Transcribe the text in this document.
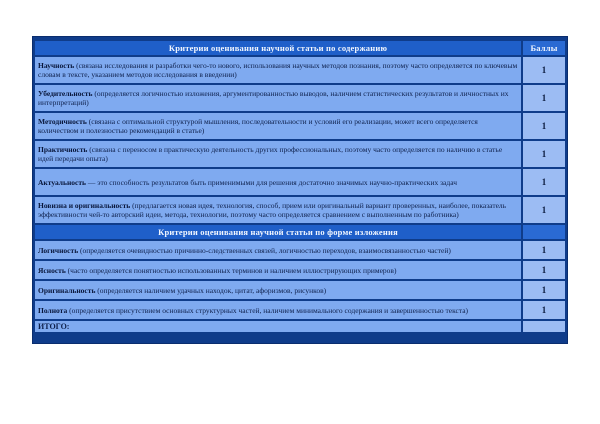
Критерии оценивания научной статьи по содержанию	Баллы
Научность (связана исследования и разработки чего-то нового, использования научных методов познания, поэтому часто определяется по ключевым словам в тексте, указанием методов исследования в введении)	1
Убедительность (определяется логичностью изложения, аргументированностью выводов, наличием статистических результатов и личностных их интерпретаций)	1
Методичность (связана с оптимальной структурой мышления, последовательности и условий его реализации, может всего определяется количеством и полезностью рекомендаций в статье)	1
Практичность (связана с переносом в практическую деятельность других профессиональных, поэтому часто определяется по наличию в статье идей передачи опыта)	1
Актуальность — это способность результатов быть применимыми для решения достаточно значимых научно-практических задач	1
Новизна и оригинальность (предлагается новая идея, технология, способ, прием или оригинальный вариант проверенных, наиболее, показатель эффективности чей-то авторский идеи, метода, технологии, поэтому часто определяется сравнением с выполненным по работника)	1
Критерии оценивания научной статьи по форме изложения	
Логичность (определяется очевидностью причинно-следственных связей, логичностью переходов, взаимосвязанностью частей)	1
Ясность (часто определяется понятностью использованных терминов и наличием иллюстрирующих примеров)	1
Оригинальность (определяется наличием удачных находок, цитат, афоризмов, рисунков)	1
Полнота (определяется присутствием основных структурных частей, наличием минимального содержания и завершенностью текста)	1
ИТОГО:	
